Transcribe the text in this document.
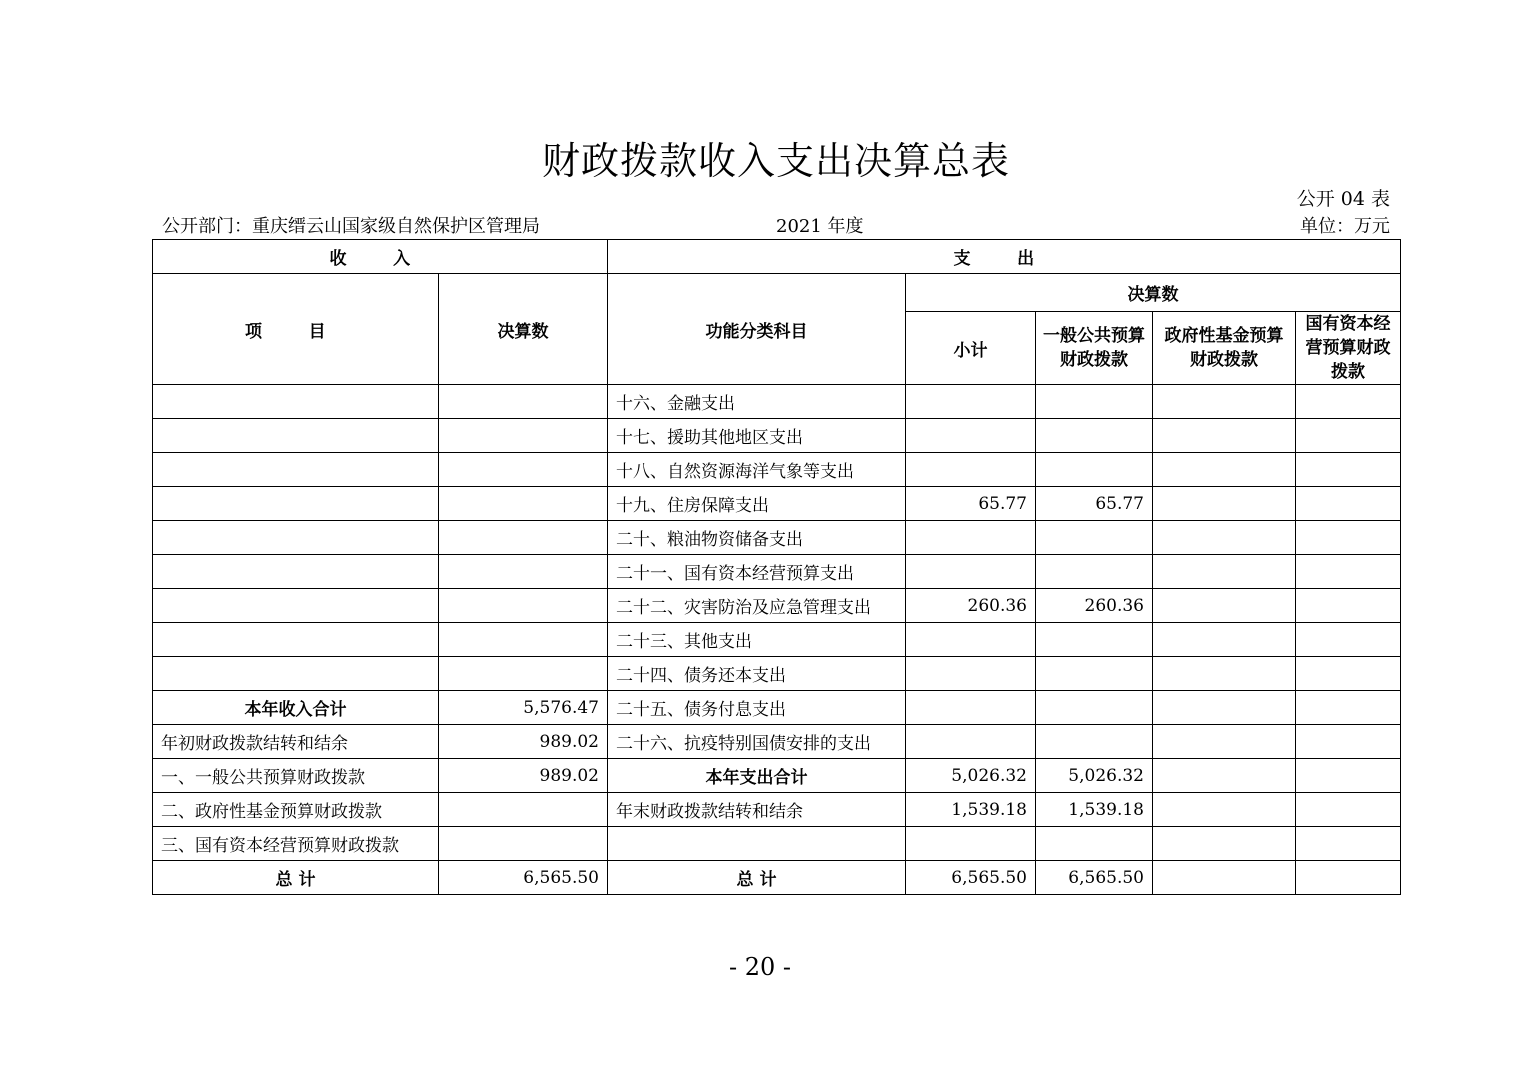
财政拨款收入支出决算总表
公开 04 表
公开部门：重庆缙云山国家级自然保护区管理局	2021 年度	单位：万元
收 入		支 出				
项 目	决算数	功能分类科目	决算数			
			小计	一般公共预算财政拨款	政府性基金预算财政拨款	国有资本经营预算财政拨款
		十六、金融支出				
		十七、援助其他地区支出				
		十八、自然资源海洋气象等支出				
		十九、住房保障支出	65.77	65.77		
		二十、粮油物资储备支出				
		二十一、国有资本经营预算支出				
		二十二、灾害防治及应急管理支出	260.36	260.36		
		二十三、其他支出				
		二十四、债务还本支出				
本年收入合计	5,576.47	二十五、债务付息支出				
年初财政拨款结转和结余	989.02	二十六、抗疫特别国债安排的支出				
一、一般公共预算财政拨款	989.02	本年支出合计	5,026.32	5,026.32		
二、政府性基金预算财政拨款		年末财政拨款结转和结余	1,539.18	1,539.18		
三、国有资本经营预算财政拨款						
总 计	6,565.50	总 计	6,565.50	6,565.50		
- 20 -
